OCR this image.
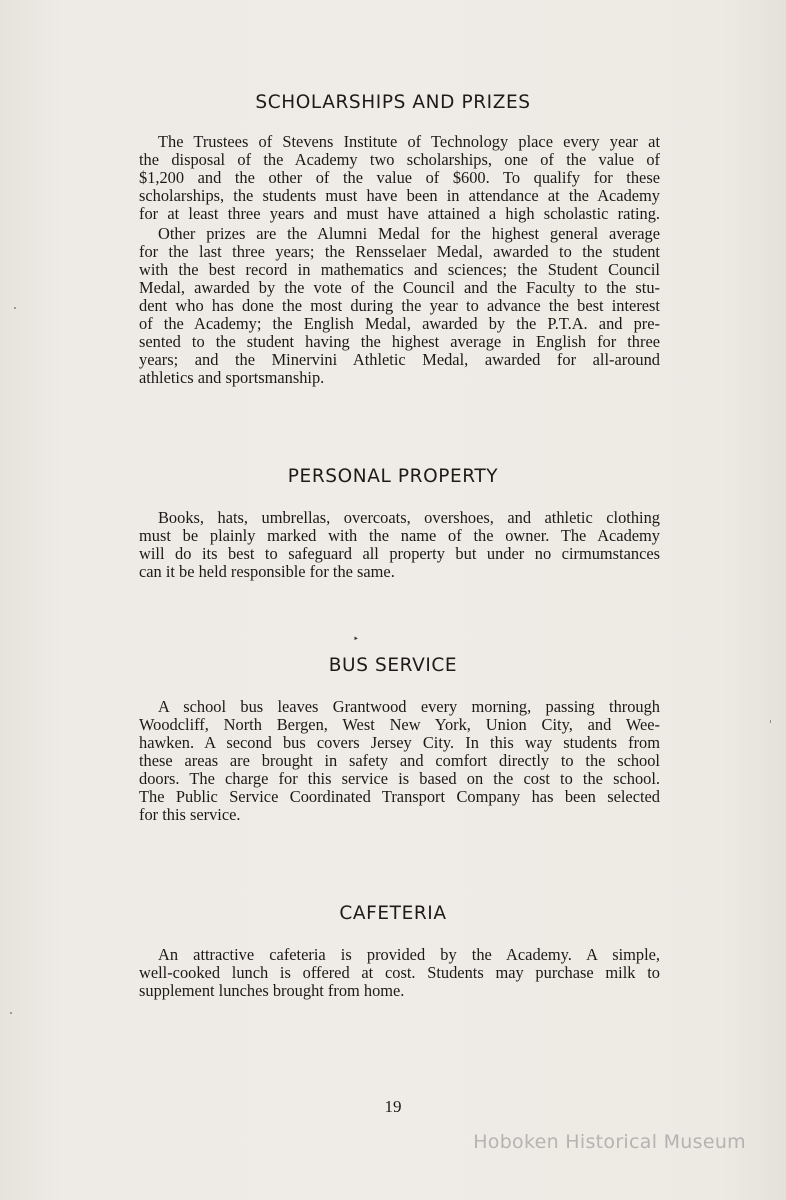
SCHOLARSHIPS AND PRIZES

The Trustees of Stevens Institute of Technology place every year at
the disposal of the Academy two scholarships, one of the value of
$1,200 and the other of the value of $600. To qualify for these
scholarships, the students must have been in attendance at the Academy
for at least three years and must have attained a high scholastic rating.

Other prizes are the Alumni Medal for the highest general average
for the last three years; the Rensselaer Medal, awarded to the student
with the best record in mathematics and sciences; the Student Council
Medal, awarded by the vote of the Council and the Faculty to the stu-
dent who has done the most during the year to advance the best interest
of the Academy; the English Medal, awarded by the P.T.A. and pre-
sented to the student having the highest average in English for three
years; and the Minervini Athletic Medal, awarded for all-around
athletics and sportsmanship.

PERSONAL PROPERTY

Books, hats, umbrellas, overcoats, overshoes, and athletic clothing
must be plainly marked with the name of the owner. The Academy
will do its best to safeguard all property but under no cirmumstances
can it be held responsible for the same.

‣
BUS SERVICE

A school bus leaves Grantwood every morning, passing through
Woodcliff, North Bergen, West New York, Union City, and Wee-
hawken. A second bus covers Jersey City. In this way students from
these areas are brought in safety and comfort directly to the school
doors. The charge for this service is based on the cost to the school.
The Public Service Coordinated Transport Company has been selected
for this service.

CAFETERIA

An attractive cafeteria is provided by the Academy. A simple,
well-cooked lunch is offered at cost. Students may purchase milk to
supplement lunches brought from home.

19

Hoboken Historical Museum
